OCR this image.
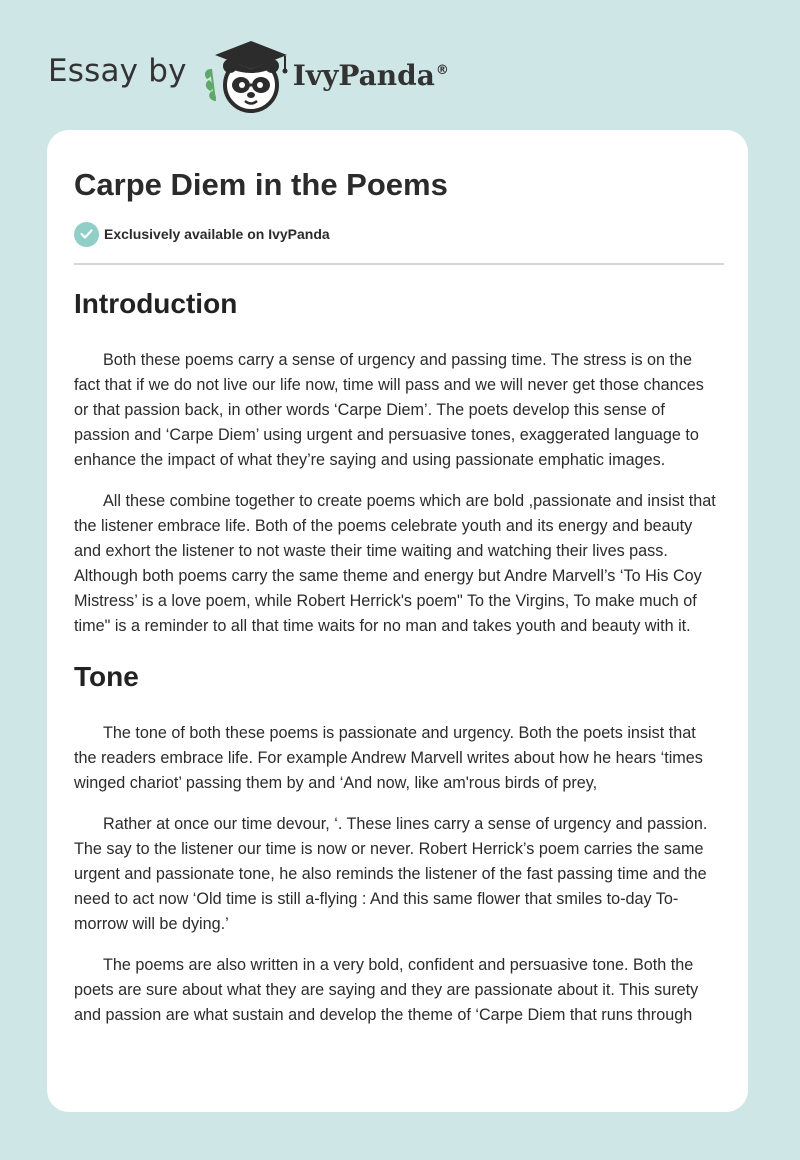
Essay by	IvyPanda®
Carpe Diem in the Poems
Exclusively available on IvyPanda
Introduction

Both these poems carry a sense of urgency and passing time. The stress is on the fact that if we do not live our life now, time will pass and we will never get those chances or that passion back, in other words ‘Carpe Diem’. The poets develop this sense of passion and ‘Carpe Diem’ using urgent and persuasive tones, exaggerated language to enhance the impact of what they’re saying and using passionate emphatic images.

All these combine together to create poems which are bold ,passionate and insist that the listener embrace life. Both of the poems celebrate youth and its energy and beauty and exhort the listener to not waste their time waiting and watching their lives pass. Although both poems carry the same theme and energy but Andre Marvell’s ‘To His Coy Mistress’ is a love poem, while Robert Herrick's poem" To the Virgins, To make much of time" is a reminder to all that time waits for no man and takes youth and beauty with it.

Tone

The tone of both these poems is passionate and urgency. Both the poets insist that the readers embrace life. For example Andrew Marvell writes about how he hears ‘times winged chariot’ passing them by and ‘And now, like am'rous birds of prey,

Rather at once our time devour, ‘. These lines carry a sense of urgency and passion. The say to the listener our time is now or never. Robert Herrick’s poem carries the same urgent and passionate tone, he also reminds the listener of the fast passing time and the need to act now ‘Old time is still a-flying : And this same flower that smiles to-day To-morrow will be dying.’

The poems are also written in a very bold, confident and persuasive tone. Both the poets are sure about what they are saying and they are passionate about it. This surety and passion are what sustain and develop the theme of ‘Carpe Diem that runs through
